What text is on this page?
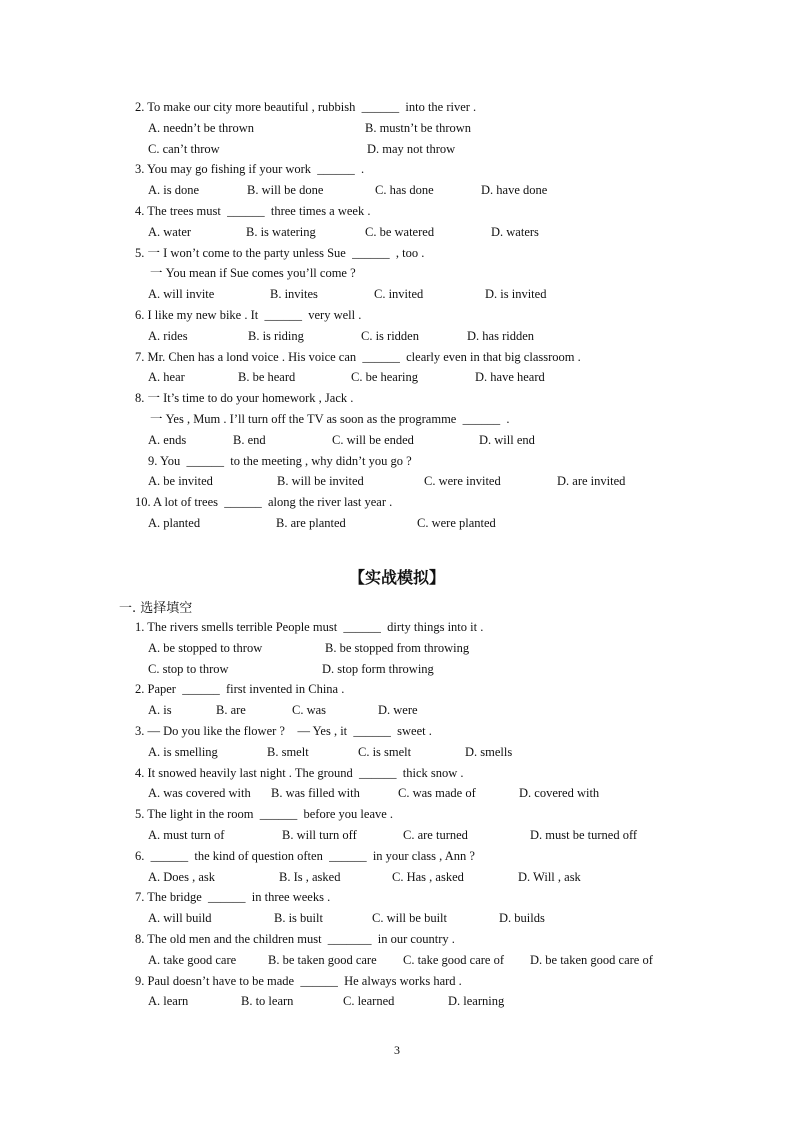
2. To make our city more beautiful , rubbish  ______  into the river .
A. needn’t be thrown	B. mustn’t be thrown
C. can’t throw	D. may not throw
3. You may go fishing if your work  ______  .
A. is done	B. will be done	C. has done	D. have done
4. The trees must  ______  three times a week .
A. water	B. is watering	C. be watered	D. waters
5. 一 I won’t come to the party unless Sue  ______  , too .
一 You mean if Sue comes you’ll come ?
A. will invite	B. invites	C. invited	D. is invited
6. I like my new bike . It  ______  very well .
A. rides	B. is riding	C. is ridden	D. has ridden
7. Mr. Chen has a lond voice . His voice can  ______  clearly even in that big classroom .
A. hear	B. be heard	C. be hearing	D. have heard
8. 一 It’s time to do your homework , Jack .
一 Yes , Mum . I’ll turn off the TV as soon as the programme  ______  .
A. ends	B. end	C. will be ended	D. will end
9. You  ______  to the meeting , why didn’t you go ?
A. be invited	B. will be invited	C. were invited	D. are invited
10. A lot of trees  ______  along the river last year .
A. planted	B. are planted	C. were planted
【实战模拟】
一. 选择填空
1. The rivers smells terrible People must  ______  dirty things into it .
A. be stopped to throw	B. be stopped from throwing
C. stop to throw	D. stop form throwing
2. Paper  ______  first invented in China .
A. is	B. are	C. was	D. were
3. — Do you like the flower ?    — Yes , it  ______  sweet .
A. is smelling	B. smelt	C. is smelt	D. smells
4. It snowed heavily last night . The ground  ______  thick snow .
A. was covered with B. was filled with	C. was made of	D. covered with
5. The light in the room  ______  before you leave .
A. must turn of	B. will turn off	C. are turned	D. must be turned off
6.  ______  the kind of question often  ______  in your class , Ann ?
A. Does , ask	B. Is , asked	C. Has , asked	D. Will , ask
7. The bridge  ______  in three weeks .
A. will build	B. is built	C. will be built	D. builds
8. The old men and the children must  _______  in our country .
A. take good care	B. be taken good care C. take good care of D. be taken good care of
9. Paul doesn’t have to be made  ______  He always works hard .
A. learn	B. to learn	C. learned	D. learning
3
